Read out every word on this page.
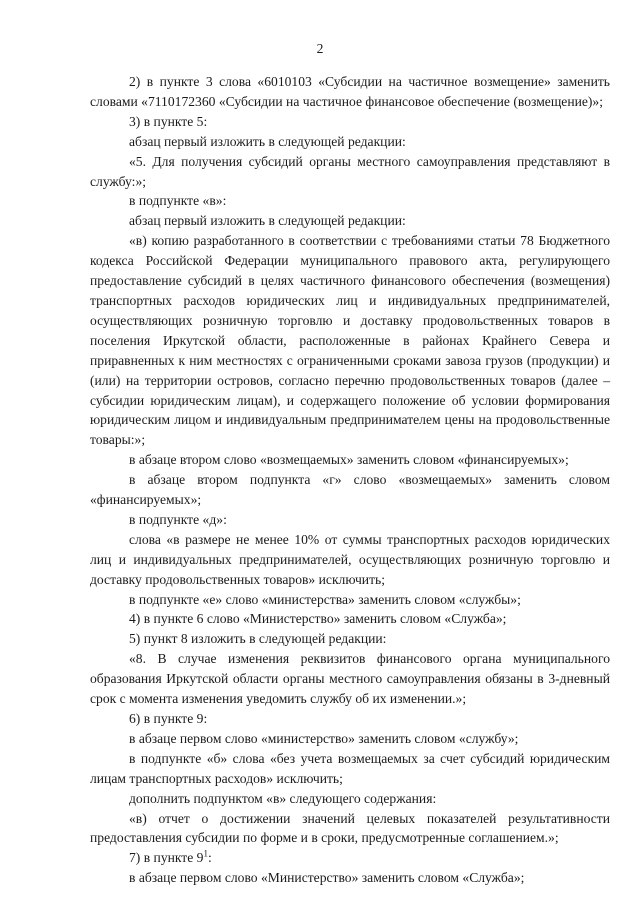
2

2) в пункте 3 слова «6010103 «Субсидии на частичное возмещение» заменить словами «7110172360 «Субсидии на частичное финансовое обеспечение (возмещение)»;

3) в пункте 5:

абзац первый изложить в следующей редакции:

«5. Для получения субсидий органы местного самоуправления представляют в службу:»;

в подпункте «в»:

абзац первый изложить в следующей редакции:

«в) копию разработанного в соответствии с требованиями статьи 78 Бюджетного кодекса Российской Федерации муниципального правового акта, регулирующего предоставление субсидий в целях частичного финансового обеспечения (возмещения) транспортных расходов юридических лиц и индивидуальных предпринимателей, осуществляющих розничную торговлю и доставку продовольственных товаров в поселения Иркутской области, расположенные в районах Крайнего Севера и приравненных к ним местностях с ограниченными сроками завоза грузов (продукции) и (или) на территории островов, согласно перечню продовольственных товаров (далее – субсидии юридическим лицам), и содержащего положение об условии формирования юридическим лицом и индивидуальным предпринимателем цены на продовольственные товары:»;

в абзаце втором слово «возмещаемых» заменить словом «финансируемых»;

в абзаце втором подпункта «г» слово «возмещаемых» заменить словом «финансируемых»;

в подпункте «д»:

слова «в размере не менее 10% от суммы транспортных расходов юридических лиц и индивидуальных предпринимателей, осуществляющих розничную торговлю и доставку продовольственных товаров» исключить;

в подпункте «е» слово «министерства» заменить словом «службы»;

4) в пункте 6 слово «Министерство» заменить словом «Служба»;

5) пункт 8 изложить в следующей редакции:

«8. В случае изменения реквизитов финансового органа муниципального образования Иркутской области органы местного самоуправления обязаны в 3-дневный срок с момента изменения уведомить службу об их изменении.»;

6) в пункте 9:

в абзаце первом слово «министерство» заменить словом «службу»;

в подпункте «б» слова «без учета возмещаемых за счет субсидий юридическим лицам транспортных расходов» исключить;

дополнить подпунктом «в» следующего содержания:

«в) отчет о достижении значений целевых показателей результативности предоставления субсидии по форме и в сроки, предусмотренные соглашением.»;

7) в пункте $9^1$:

в абзаце первом слово «Министерство» заменить словом «Служба»;
